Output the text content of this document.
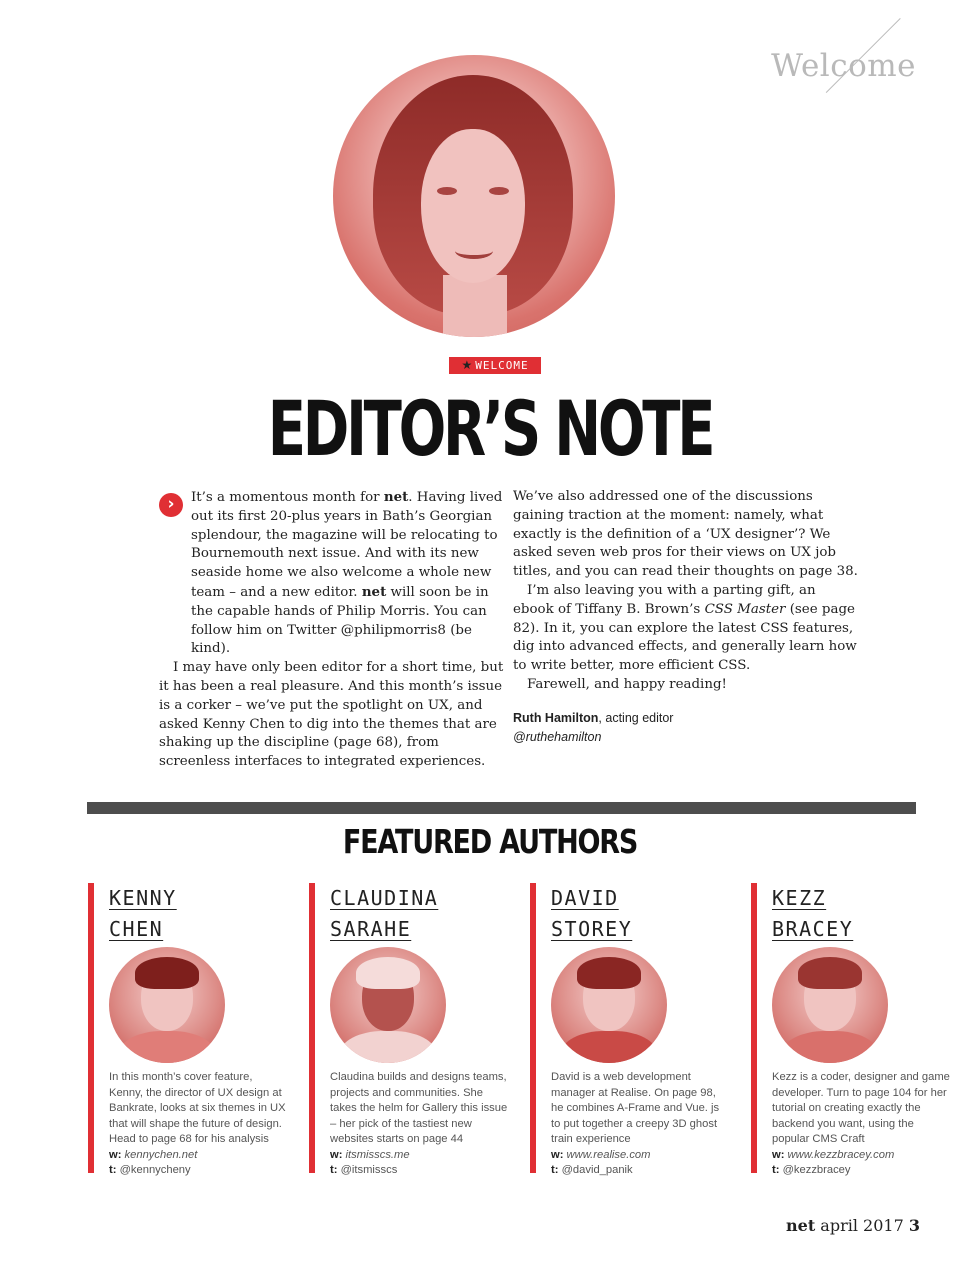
Welcome
★ WELCOME
EDITOR’S NOTE
›	It’s a momentous month for net. Having lived out its first 20-plus years in Bath’s Georgian splendour, the magazine will be relocating to Bournemouth next issue. And with its new seaside home we also welcome a whole new team – and a new editor. net will soon be in the capable hands of Philip Morris. You can follow him on Twitter @philipmorris8 (be kind).

I may have only been editor for a short time, but it has been a real pleasure. And this month’s issue is a corker – we’ve put the spotlight on UX, and asked Kenny Chen to dig into the themes that are shaking up the discipline (page 68), from screenless interfaces to integrated experiences.

We’ve also addressed one of the discussions gaining traction at the moment: namely, what exactly is the definition of a ‘UX designer’? We asked seven web pros for their views on UX job titles, and you can read their thoughts on page 38.

I’m also leaving you with a parting gift, an ebook of Tiffany B. Brown’s CSS Master (see page 82). In it, you can explore the latest CSS features, dig into advanced effects, and generally learn how to write better, more efficient CSS.

Farewell, and happy reading!

Ruth Hamilton, acting editor
@ruthehamilton
FEATURED AUTHORS
KENNY
CHEN
In this month’s cover feature, Kenny, the director of UX design at Bankrate, looks at six themes in UX that will shape the future of design. Head to page 68 for his analysis
w: kennychen.net
t: @kennycheny
CLAUDINA
SARAHE
Claudina builds and designs teams, projects and communities. She takes the helm for Gallery this issue – her pick of the tastiest new websites starts on page 44
w: itsmisscs.me
t: @itsmisscs
DAVID
STOREY
David is a web development manager at Realise. On page 98, he combines A-Frame and Vue. js to put together a creepy 3D ghost train experience
w: www.realise.com
t: @david_panik
KEZZ
BRACEY
Kezz is a coder, designer and game developer. Turn to page 104 for her tutorial on creating exactly the backend you want, using the popular CMS Craft
w: www.kezzbracey.com
t: @kezzbracey
net april 2017 3
